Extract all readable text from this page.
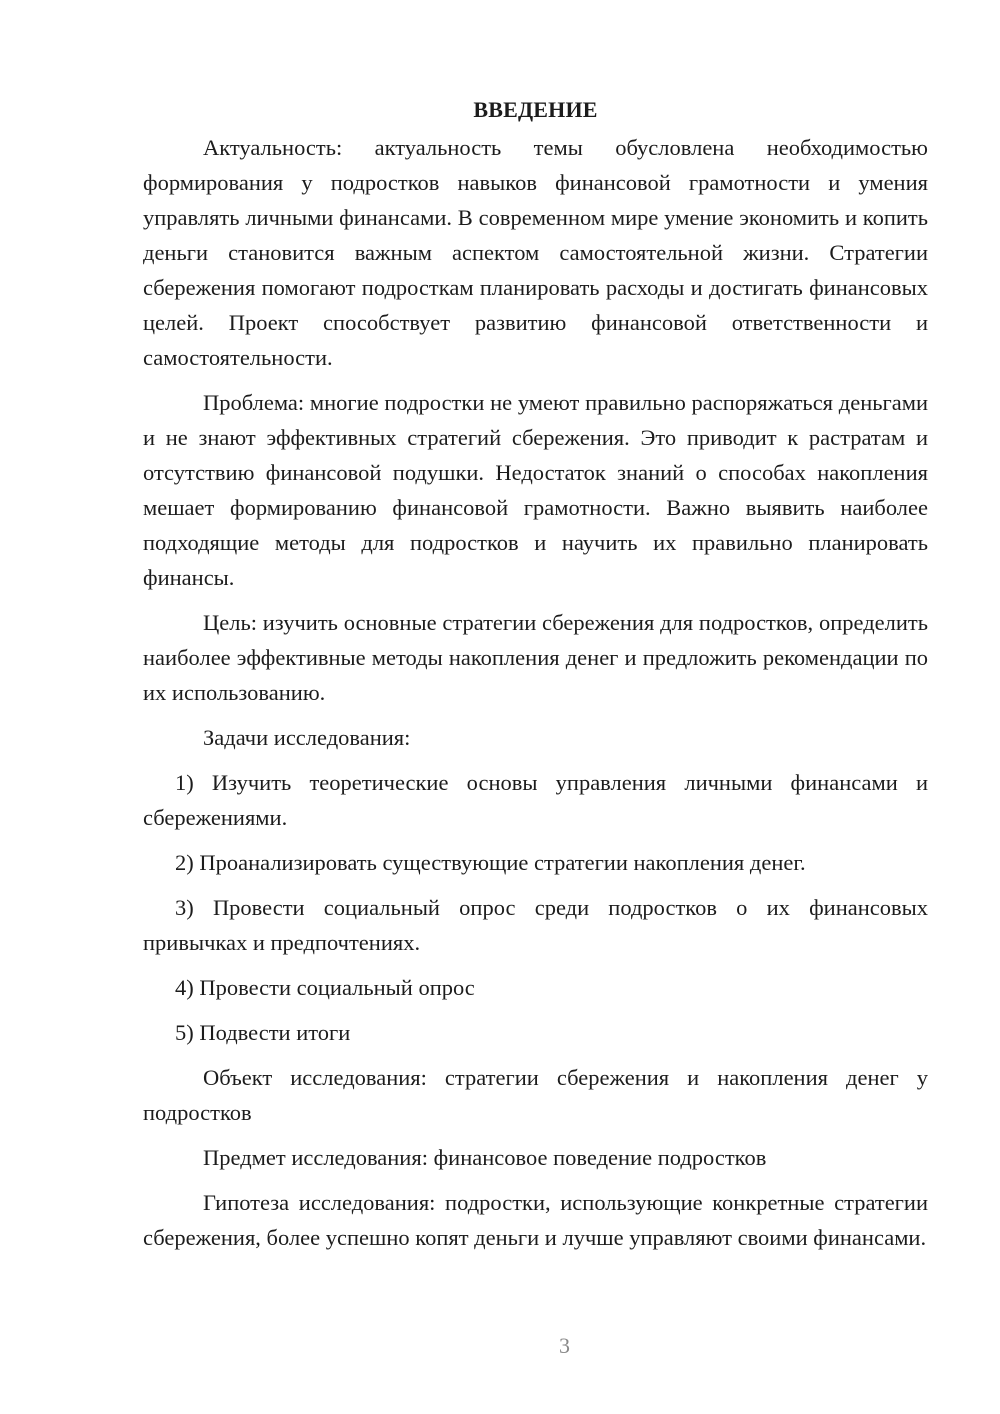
ВВЕДЕНИЕ

Актуальность: актуальность темы обусловлена необходимостью формирования у подростков навыков финансовой грамотности и умения управлять личными финансами. В современном мире умение экономить и копить деньги становится важным аспектом самостоятельной жизни. Стратегии сбережения помогают подросткам планировать расходы и достигать финансовых целей. Проект способствует развитию финансовой ответственности и самостоятельности.

Проблема: многие подростки не умеют правильно распоряжаться деньгами и не знают эффективных стратегий сбережения. Это приводит к растратам и отсутствию финансовой подушки. Недостаток знаний о способах накопления мешает формированию финансовой грамотности. Важно выявить наиболее подходящие методы для подростков и научить их правильно планировать финансы.

Цель: изучить основные стратегии сбережения для подростков, определить наиболее эффективные методы накопления денег и предложить рекомендации по их использованию.

Задачи исследования:

1) Изучить теоретические основы управления личными финансами и сбережениями.

2) Проанализировать существующие стратегии накопления денег.

3) Провести социальный опрос среди подростков о их финансовых привычках и предпочтениях.

4) Провести социальный опрос

5) Подвести итоги

Объект исследования: стратегии сбережения и накопления денег у подростков

Предмет исследования: финансовое поведение подростков

Гипотеза исследования: подростки, использующие конкретные стратегии сбережения, более успешно копят деньги и лучше управляют своими финансами.

3
